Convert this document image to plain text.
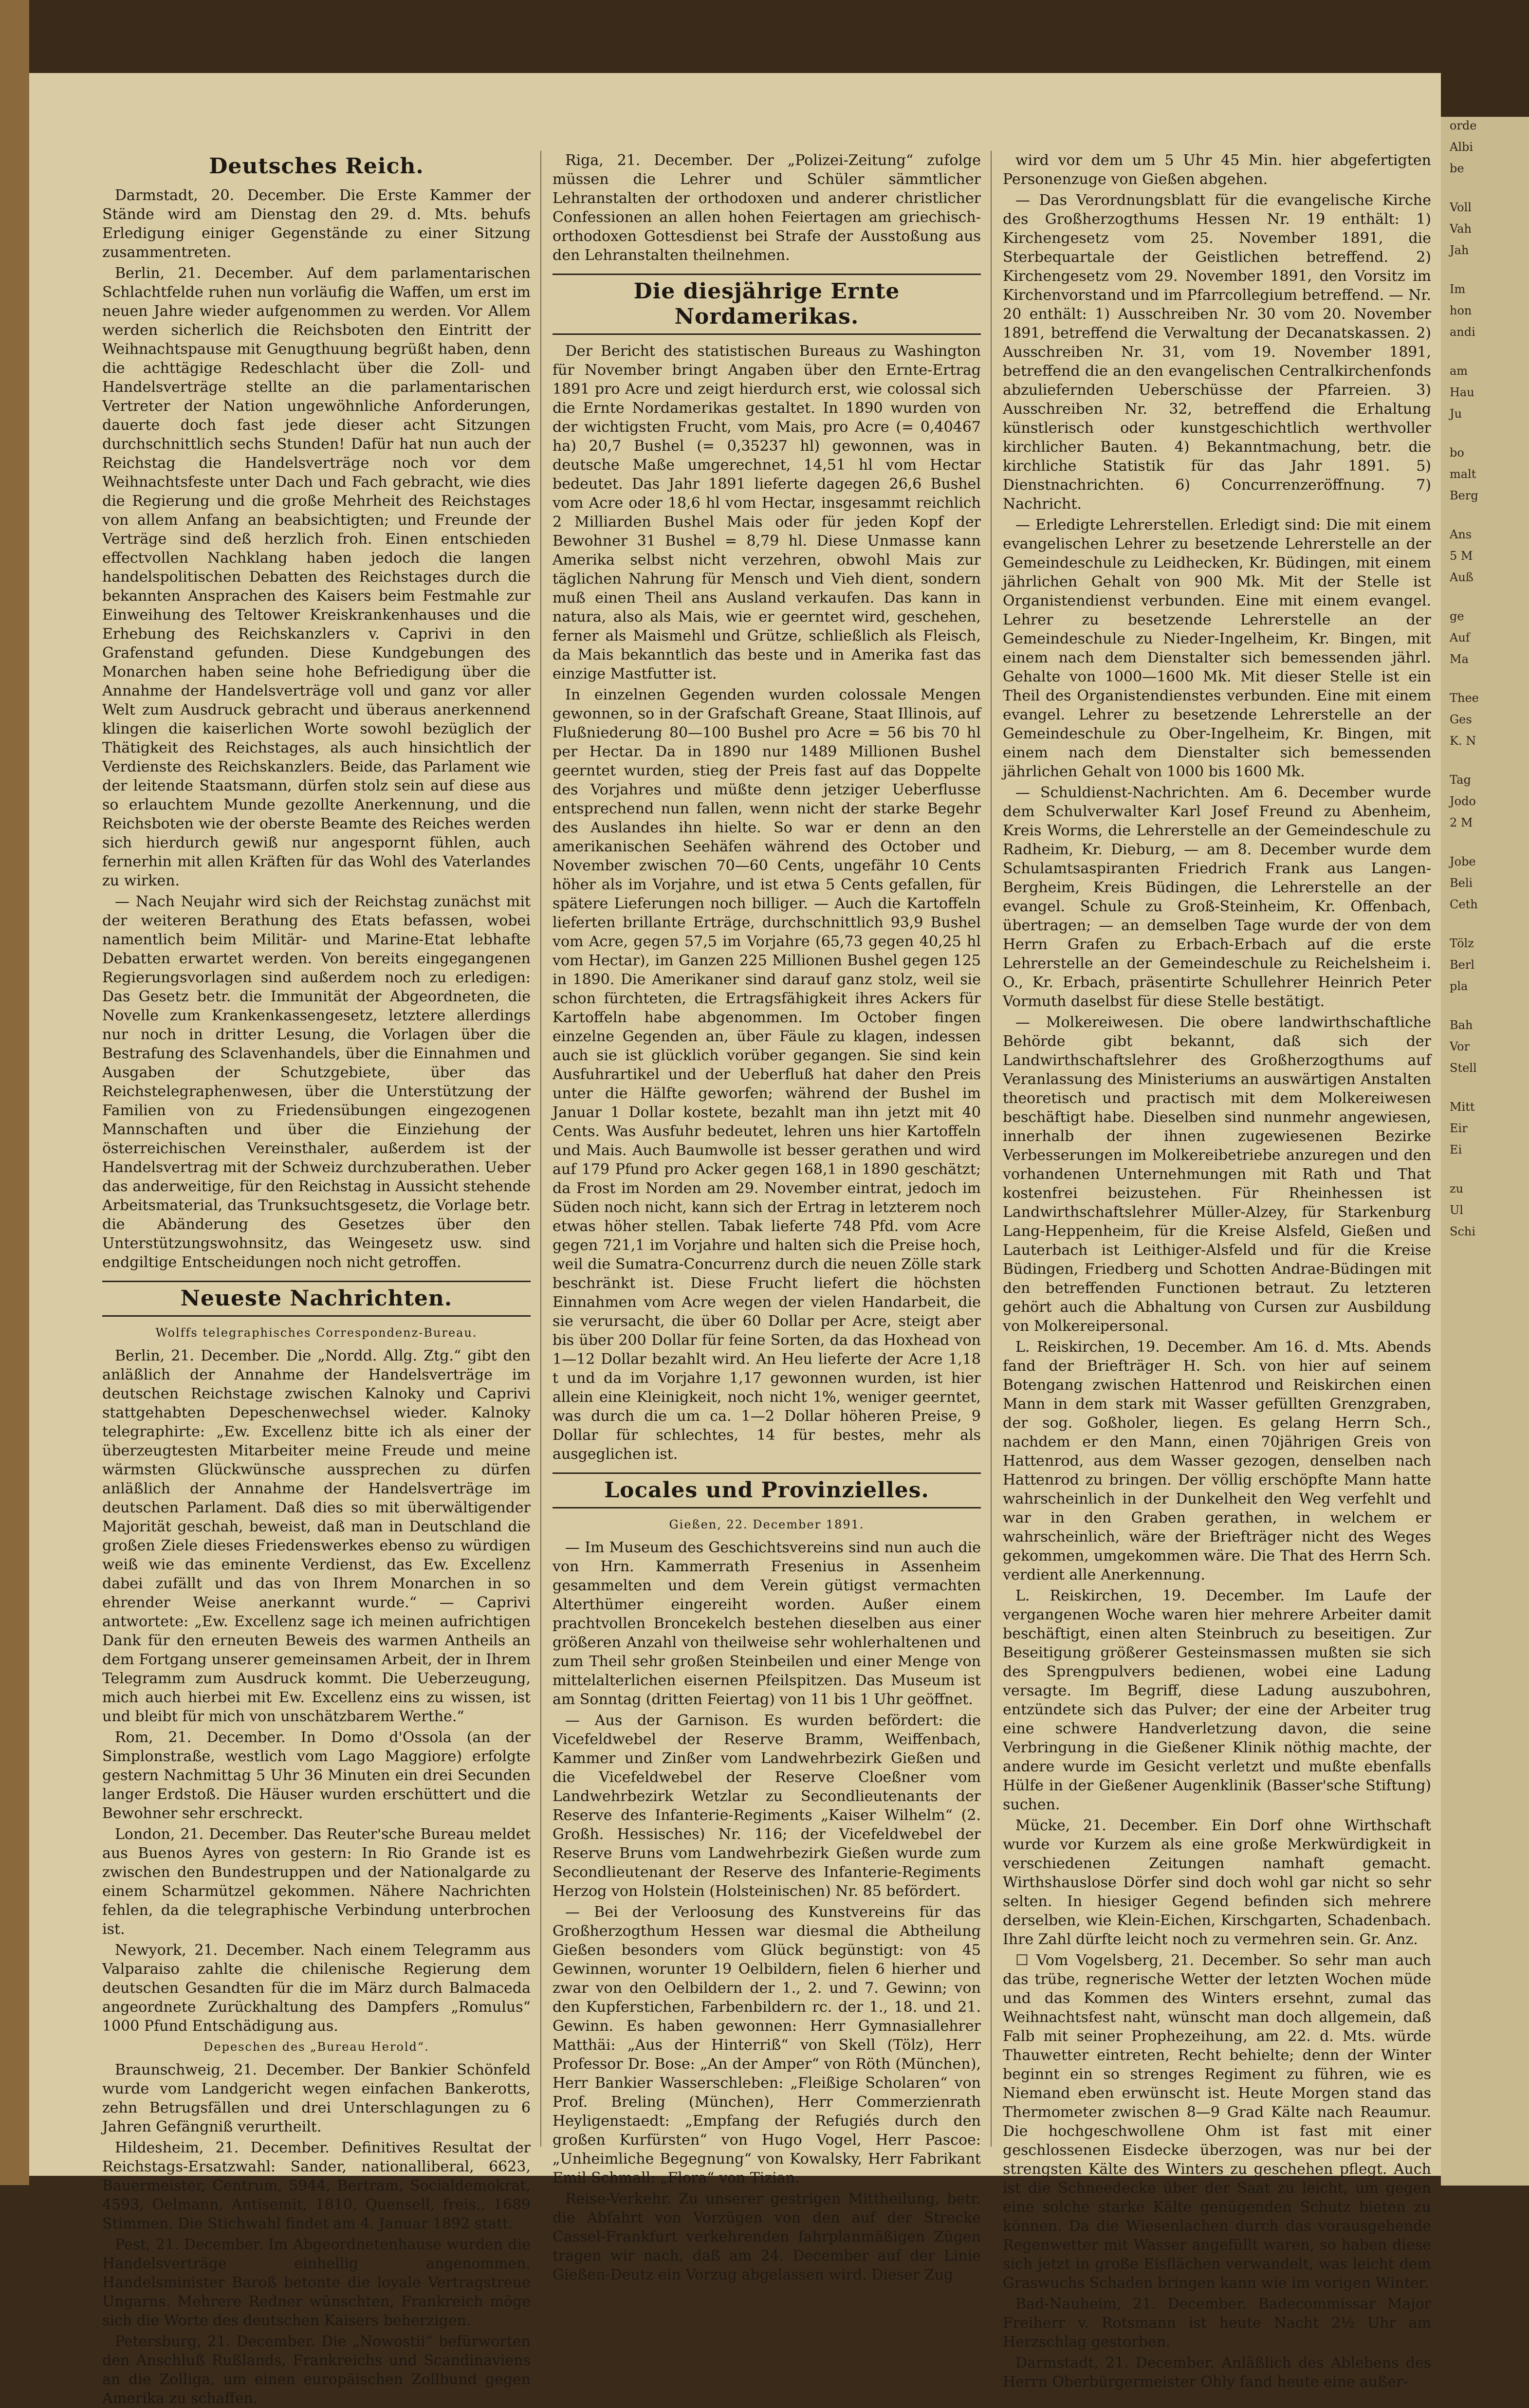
Deutsches Reich.

Darmstadt, 20. December. Die Erste Kammer der Stände wird am Dienstag den 29. d. Mts. behufs Erledigung einiger Gegenstände zu einer Sitzung zusammentreten.

Berlin, 21. December. Auf dem parlamentarischen Schlachtfelde ruhen nun vorläufig die Waffen, um erst im neuen Jahre wieder aufgenommen zu werden. Vor Allem werden sicherlich die Reichsboten den Eintritt der Weihnachtspause mit Genugthuung begrüßt haben, denn die achttägige Redeschlacht über die Zoll- und Handelsverträge stellte an die parlamentarischen Vertreter der Nation ungewöhnliche Anforderungen, dauerte doch fast jede dieser acht Sitzungen durchschnittlich sechs Stunden! Dafür hat nun auch der Reichstag die Handelsverträge noch vor dem Weihnachtsfeste unter Dach und Fach gebracht, wie dies die Regierung und die große Mehrheit des Reichstages von allem Anfang an beabsichtigten; und Freunde der Verträge sind deß herzlich froh. Einen entschieden effectvollen Nachklang haben jedoch die langen handelspolitischen Debatten des Reichstages durch die bekannten Ansprachen des Kaisers beim Festmahle zur Einweihung des Teltower Kreiskrankenhauses und die Erhebung des Reichskanzlers v. Caprivi in den Grafenstand gefunden. Diese Kundgebungen des Monarchen haben seine hohe Befriedigung über die Annahme der Handelsverträge voll und ganz vor aller Welt zum Ausdruck gebracht und überaus anerkennend klingen die kaiserlichen Worte sowohl bezüglich der Thätigkeit des Reichstages, als auch hinsichtlich der Verdienste des Reichskanzlers. Beide, das Parlament wie der leitende Staatsmann, dürfen stolz sein auf diese aus so erlauchtem Munde gezollte Anerkennung, und die Reichsboten wie der oberste Beamte des Reiches werden sich hierdurch gewiß nur angespornt fühlen, auch fernerhin mit allen Kräften für das Wohl des Vaterlandes zu wirken.

— Nach Neujahr wird sich der Reichstag zunächst mit der weiteren Berathung des Etats befassen, wobei namentlich beim Militär- und Marine-Etat lebhafte Debatten erwartet werden. Von bereits eingegangenen Regierungsvorlagen sind außerdem noch zu erledigen: Das Gesetz betr. die Immunität der Abgeordneten, die Novelle zum Krankenkassengesetz, letztere allerdings nur noch in dritter Lesung, die Vorlagen über die Bestrafung des Sclavenhandels, über die Einnahmen und Ausgaben der Schutzgebiete, über das Reichstelegraphenwesen, über die Unterstützung der Familien von zu Friedensübungen eingezogenen Mannschaften und über die Einziehung der österreichischen Vereinsthaler, außerdem ist der Handelsvertrag mit der Schweiz durchzuberathen. Ueber das anderweitige, für den Reichstag in Aussicht stehende Arbeitsmaterial, das Trunksuchtsgesetz, die Vorlage betr. die Abänderung des Gesetzes über den Unterstützungswohnsitz, das Weingesetz usw. sind endgiltige Entscheidungen noch nicht getroffen.

Neueste Nachrichten.
Wolffs telegraphisches Correspondenz-Bureau.

Berlin, 21. December. Die „Nordd. Allg. Ztg.“ gibt den anläßlich der Annahme der Handelsverträge im deutschen Reichstage zwischen Kalnoky und Caprivi stattgehabten Depeschenwechsel wieder. Kalnoky telegraphirte: „Ew. Excellenz bitte ich als einer der überzeugtesten Mitarbeiter meine Freude und meine wärmsten Glückwünsche aussprechen zu dürfen anläßlich der Annahme der Handelsverträge im deutschen Parlament. Daß dies so mit überwältigender Majorität geschah, beweist, daß man in Deutschland die großen Ziele dieses Friedenswerkes ebenso zu würdigen weiß wie das eminente Verdienst, das Ew. Excellenz dabei zufällt und das von Ihrem Monarchen in so ehrender Weise anerkannt wurde.“ — Caprivi antwortete: „Ew. Excellenz sage ich meinen aufrichtigen Dank für den erneuten Beweis des warmen Antheils an dem Fortgang unserer gemeinsamen Arbeit, der in Ihrem Telegramm zum Ausdruck kommt. Die Ueberzeugung, mich auch hierbei mit Ew. Excellenz eins zu wissen, ist und bleibt für mich von unschätzbarem Werthe.“

Rom, 21. December. In Domo d'Ossola (an der Simplonstraße, westlich vom Lago Maggiore) erfolgte gestern Nachmittag 5 Uhr 36 Minuten ein drei Secunden langer Erdstoß. Die Häuser wurden erschüttert und die Bewohner sehr erschreckt.

London, 21. December. Das Reuter'sche Bureau meldet aus Buenos Ayres von gestern: In Rio Grande ist es zwischen den Bundestruppen und der Nationalgarde zu einem Scharmützel gekommen. Nähere Nachrichten fehlen, da die telegraphische Verbindung unterbrochen ist.

Newyork, 21. December. Nach einem Telegramm aus Valparaiso zahlte die chilenische Regierung dem deutschen Gesandten für die im März durch Balmaceda angeordnete Zurückhaltung des Dampfers „Romulus“ 1000 Pfund Entschädigung aus.

Depeschen des „Bureau Herold“.

Braunschweig, 21. December. Der Bankier Schönfeld wurde vom Landgericht wegen einfachen Bankerotts, zehn Betrugsfällen und drei Unterschlagungen zu 6 Jahren Gefängniß verurtheilt.

Hildesheim, 21. December. Definitives Resultat der Reichstags-Ersatzwahl: Sander, nationalliberal, 6623, Bauermeister, Centrum, 5944, Bertram, Socialdemokrat, 4593, Oelmann, Antisemit, 1810, Quensell, freis., 1689 Stimmen. Die Stichwahl findet am 4. Januar 1892 statt.

Pest, 21. December. Im Abgeordnetenhause wurden die Handelsverträge einhellig angenommen. Handelsminister Baroß betonte die loyale Vertragstreue Ungarns. Mehrere Redner wünschten, Frankreich möge sich die Worte des deutschen Kaisers beherzigen.

Petersburg, 21. December. Die „Nowostii“ befürworten den Anschluß Rußlands, Frankreichs und Scandinaviens an die Zolliga, um einen europäischen Zollbund gegen Amerika zu schaffen.

Riga, 21. December. Der „Polizei-Zeitung“ zufolge müssen die Lehrer und Schüler sämmtlicher Lehranstalten der orthodoxen und anderer christlicher Confessionen an allen hohen Feiertagen am griechisch-orthodoxen Gottesdienst bei Strafe der Ausstoßung aus den Lehranstalten theilnehmen.

Die diesjährige Ernte Nordamerikas.

Der Bericht des statistischen Bureaus zu Washington für November bringt Angaben über den Ernte-Ertrag 1891 pro Acre und zeigt hierdurch erst, wie colossal sich die Ernte Nordamerikas gestaltet. In 1890 wurden von der wichtigsten Frucht, vom Mais, pro Acre (= 0,40467 ha) 20,7 Bushel (= 0,35237 hl) gewonnen, was in deutsche Maße umgerechnet, 14,51 hl vom Hectar bedeutet. Das Jahr 1891 lieferte dagegen 26,6 Bushel vom Acre oder 18,6 hl vom Hectar, insgesammt reichlich 2 Milliarden Bushel Mais oder für jeden Kopf der Bewohner 31 Bushel = 8,79 hl. Diese Unmasse kann Amerika selbst nicht verzehren, obwohl Mais zur täglichen Nahrung für Mensch und Vieh dient, sondern muß einen Theil ans Ausland verkaufen. Das kann in natura, also als Mais, wie er geerntet wird, geschehen, ferner als Maismehl und Grütze, schließlich als Fleisch, da Mais bekanntlich das beste und in Amerika fast das einzige Mastfutter ist.

In einzelnen Gegenden wurden colossale Mengen gewonnen, so in der Grafschaft Greane, Staat Illinois, auf Flußniederung 80—100 Bushel pro Acre = 56 bis 70 hl per Hectar. Da in 1890 nur 1489 Millionen Bushel geerntet wurden, stieg der Preis fast auf das Doppelte des Vorjahres und müßte denn jetziger Ueberflusse entsprechend nun fallen, wenn nicht der starke Begehr des Auslandes ihn hielte. So war er denn an den amerikanischen Seehäfen während des October und November zwischen 70—60 Cents, ungefähr 10 Cents höher als im Vorjahre, und ist etwa 5 Cents gefallen, für spätere Lieferungen noch billiger. — Auch die Kartoffeln lieferten brillante Erträge, durchschnittlich 93,9 Bushel vom Acre, gegen 57,5 im Vorjahre (65,73 gegen 40,25 hl vom Hectar), im Ganzen 225 Millionen Bushel gegen 125 in 1890. Die Amerikaner sind darauf ganz stolz, weil sie schon fürchteten, die Ertragsfähigkeit ihres Ackers für Kartoffeln habe abgenommen. Im October fingen einzelne Gegenden an, über Fäule zu klagen, indessen auch sie ist glücklich vorüber gegangen. Sie sind kein Ausfuhrartikel und der Ueberfluß hat daher den Preis unter die Hälfte geworfen; während der Bushel im Januar 1 Dollar kostete, bezahlt man ihn jetzt mit 40 Cents. Was Ausfuhr bedeutet, lehren uns hier Kartoffeln und Mais. Auch Baumwolle ist besser gerathen und wird auf 179 Pfund pro Acker gegen 168,1 in 1890 geschätzt; da Frost im Norden am 29. November eintrat, jedoch im Süden noch nicht, kann sich der Ertrag in letzterem noch etwas höher stellen. Tabak lieferte 748 Pfd. vom Acre gegen 721,1 im Vorjahre und halten sich die Preise hoch, weil die Sumatra-Concurrenz durch die neuen Zölle stark beschränkt ist. Diese Frucht liefert die höchsten Einnahmen vom Acre wegen der vielen Handarbeit, die sie verursacht, die über 60 Dollar per Acre, steigt aber bis über 200 Dollar für feine Sorten, da das Hoxhead von 1—12 Dollar bezahlt wird. An Heu lieferte der Acre 1,18 t und da im Vorjahre 1,17 gewonnen wurden, ist hier allein eine Kleinigkeit, noch nicht 1%, weniger geerntet, was durch die um ca. 1—2 Dollar höheren Preise, 9 Dollar für schlechtes, 14 für bestes, mehr als ausgeglichen ist.

Locales und Provinzielles.
Gießen, 22. December 1891.

— Im Museum des Geschichtsvereins sind nun auch die von Hrn. Kammerrath Fresenius in Assenheim gesammelten und dem Verein gütigst vermachten Alterthümer eingereiht worden. Außer einem prachtvollen Broncekelch bestehen dieselben aus einer größeren Anzahl von theilweise sehr wohlerhaltenen und zum Theil sehr großen Steinbeilen und einer Menge von mittelalterlichen eisernen Pfeilspitzen. Das Museum ist am Sonntag (dritten Feiertag) von 11 bis 1 Uhr geöffnet.

— Aus der Garnison. Es wurden befördert: die Vicefeldwebel der Reserve Bramm, Weiffenbach, Kammer und Zinßer vom Landwehrbezirk Gießen und die Vicefeldwebel der Reserve Cloeßner vom Landwehrbezirk Wetzlar zu Secondlieutenants der Reserve des Infanterie-Regiments „Kaiser Wilhelm“ (2. Großh. Hessisches) Nr. 116; der Vicefeldwebel der Reserve Bruns vom Landwehrbezirk Gießen wurde zum Secondlieutenant der Reserve des Infanterie-Regiments Herzog von Holstein (Holsteinischen) Nr. 85 befördert.

— Bei der Verloosung des Kunstvereins für das Großherzogthum Hessen war diesmal die Abtheilung Gießen besonders vom Glück begünstigt: von 45 Gewinnen, worunter 19 Oelbildern, fielen 6 hierher und zwar von den Oelbildern der 1., 2. und 7. Gewinn; von den Kupferstichen, Farbenbildern rc. der 1., 18. und 21. Gewinn. Es haben gewonnen: Herr Gymnasiallehrer Matthäi: „Aus der Hinterriß“ von Skell (Tölz), Herr Professor Dr. Bose: „An der Amper“ von Röth (München), Herr Bankier Wasserschleben: „Fleißige Scholaren“ von Prof. Breling (München), Herr Commerzienrath Heyligenstaedt: „Empfang der Refugiés durch den großen Kurfürsten“ von Hugo Vogel, Herr Pascoe: „Unheimliche Begegnung“ von Kowalsky, Herr Fabrikant Emil Schmall: „Flora“ von Tizian.

Reise-Verkehr. Zu unserer gestrigen Mittheilung, betr. die Abfahrt von Vorzügen von den auf der Strecke Cassel-Frankfurt verkehrenden fahrplanmäßigen Zügen tragen wir nach, daß am 24. December auf der Linie Gießen-Deutz ein Vorzug abgelassen wird. Dieser Zug

wird vor dem um 5 Uhr 45 Min. hier abgefertigten Personenzuge von Gießen abgehen.

— Das Verordnungsblatt für die evangelische Kirche des Großherzogthums Hessen Nr. 19 enthält: 1) Kirchengesetz vom 25. November 1891, die Sterbequartale der Geistlichen betreffend. 2) Kirchengesetz vom 29. November 1891, den Vorsitz im Kirchenvorstand und im Pfarrcollegium betreffend. — Nr. 20 enthält: 1) Ausschreiben Nr. 30 vom 20. November 1891, betreffend die Verwaltung der Decanatskassen. 2) Ausschreiben Nr. 31, vom 19. November 1891, betreffend die an den evangelischen Centralkirchenfonds abzuliefernden Ueberschüsse der Pfarreien. 3) Ausschreiben Nr. 32, betreffend die Erhaltung künstlerisch oder kunstgeschichtlich werthvoller kirchlicher Bauten. 4) Bekanntmachung, betr. die kirchliche Statistik für das Jahr 1891. 5) Dienstnachrichten. 6) Concurrenzeröffnung. 7) Nachricht.

— Erledigte Lehrerstellen. Erledigt sind: Die mit einem evangelischen Lehrer zu besetzende Lehrerstelle an der Gemeindeschule zu Leidhecken, Kr. Büdingen, mit einem jährlichen Gehalt von 900 Mk. Mit der Stelle ist Organistendienst verbunden. Eine mit einem evangel. Lehrer zu besetzende Lehrerstelle an der Gemeindeschule zu Nieder-Ingelheim, Kr. Bingen, mit einem nach dem Dienstalter sich bemessenden jährl. Gehalte von 1000—1600 Mk. Mit dieser Stelle ist ein Theil des Organistendienstes verbunden. Eine mit einem evangel. Lehrer zu besetzende Lehrerstelle an der Gemeindeschule zu Ober-Ingelheim, Kr. Bingen, mit einem nach dem Dienstalter sich bemessenden jährlichen Gehalt von 1000 bis 1600 Mk.

— Schuldienst-Nachrichten. Am 6. December wurde dem Schulverwalter Karl Josef Freund zu Abenheim, Kreis Worms, die Lehrerstelle an der Gemeindeschule zu Radheim, Kr. Dieburg, — am 8. December wurde dem Schulamtsaspiranten Friedrich Frank aus Langen-Bergheim, Kreis Büdingen, die Lehrerstelle an der evangel. Schule zu Groß-Steinheim, Kr. Offenbach, übertragen; — an demselben Tage wurde der von dem Herrn Grafen zu Erbach-Erbach auf die erste Lehrerstelle an der Gemeindeschule zu Reichelsheim i. O., Kr. Erbach, präsentirte Schullehrer Heinrich Peter Vormuth daselbst für diese Stelle bestätigt.

— Molkereiwesen. Die obere landwirthschaftliche Behörde gibt bekannt, daß sich der Landwirthschaftslehrer des Großherzogthums auf Veranlassung des Ministeriums an auswärtigen Anstalten theoretisch und practisch mit dem Molkereiwesen beschäftigt habe. Dieselben sind nunmehr angewiesen, innerhalb der ihnen zugewiesenen Bezirke Verbesserungen im Molkereibetriebe anzuregen und den vorhandenen Unternehmungen mit Rath und That kostenfrei beizustehen. Für Rheinhessen ist Landwirthschaftslehrer Müller-Alzey, für Starkenburg Lang-Heppenheim, für die Kreise Alsfeld, Gießen und Lauterbach ist Leithiger-Alsfeld und für die Kreise Büdingen, Friedberg und Schotten Andrae-Büdingen mit den betreffenden Functionen betraut. Zu letzteren gehört auch die Abhaltung von Cursen zur Ausbildung von Molkereipersonal.

L. Reiskirchen, 19. December. Am 16. d. Mts. Abends fand der Briefträger H. Sch. von hier auf seinem Botengang zwischen Hattenrod und Reiskirchen einen Mann in dem stark mit Wasser gefüllten Grenzgraben, der sog. Goßholer, liegen. Es gelang Herrn Sch., nachdem er den Mann, einen 70jährigen Greis von Hattenrod, aus dem Wasser gezogen, denselben nach Hattenrod zu bringen. Der völlig erschöpfte Mann hatte wahrscheinlich in der Dunkelheit den Weg verfehlt und war in den Graben gerathen, in welchem er wahrscheinlich, wäre der Briefträger nicht des Weges gekommen, umgekommen wäre. Die That des Herrn Sch. verdient alle Anerkennung.

L. Reiskirchen, 19. December. Im Laufe der vergangenen Woche waren hier mehrere Arbeiter damit beschäftigt, einen alten Steinbruch zu beseitigen. Zur Beseitigung größerer Gesteinsmassen mußten sie sich des Sprengpulvers bedienen, wobei eine Ladung versagte. Im Begriff, diese Ladung auszubohren, entzündete sich das Pulver; der eine der Arbeiter trug eine schwere Handverletzung davon, die seine Verbringung in die Gießener Klinik nöthig machte, der andere wurde im Gesicht verletzt und mußte ebenfalls Hülfe in der Gießener Augenklinik (Basser'sche Stiftung) suchen.

Mücke, 21. December. Ein Dorf ohne Wirthschaft wurde vor Kurzem als eine große Merkwürdigkeit in verschiedenen Zeitungen namhaft gemacht. Wirthshauslose Dörfer sind doch wohl gar nicht so sehr selten. In hiesiger Gegend befinden sich mehrere derselben, wie Klein-Eichen, Kirschgarten, Schadenbach. Ihre Zahl dürfte leicht noch zu vermehren sein. Gr. Anz.

☐ Vom Vogelsberg, 21. December. So sehr man auch das trübe, regnerische Wetter der letzten Wochen müde und das Kommen des Winters ersehnt, zumal das Weihnachtsfest naht, wünscht man doch allgemein, daß Falb mit seiner Prophezeihung, am 22. d. Mts. würde Thauwetter eintreten, Recht behielte; denn der Winter beginnt ein so strenges Regiment zu führen, wie es Niemand eben erwünscht ist. Heute Morgen stand das Thermometer zwischen 8—9 Grad Kälte nach Reaumur. Die hochgeschwollene Ohm ist fast mit einer geschlossenen Eisdecke überzogen, was nur bei der strengsten Kälte des Winters zu geschehen pflegt. Auch ist die Schneedecke über der Saat zu leicht, um gegen eine solche starke Kälte genügenden Schutz bieten zu können. Da die Wiesenlachen durch das vorausgehende Regenwetter mit Wasser angefüllt waren, so haben diese sich jetzt in große Eisflächen verwandelt, was leicht dem Graswuchs Schaden bringen kann wie im vorigen Winter.

Bad-Nauheim, 21. December. Badecommissar Major Freiherr v. Rotsmann ist heute Nacht 2½ Uhr am Herzschlag gestorben.

Darmstadt, 21. December. Anläßlich des Ablebens des Herrn Oberbürgermeister Ohly fand heute eine außer-

orde
Albi
be
Voll
Vah
Jah
Im
hon
andi
am
Hau
Ju
bo
malt
Berg
Ans
5 M
Auß
ge
Auf
Ma
Thee
Ges
K. N
Tag
Jodo
2 M
Jobe
Beli
Ceth
Tölz
Berl
pla
Bah
Vor
Stell
Mitt
Eir
Ei
zu
Ul
Schi
